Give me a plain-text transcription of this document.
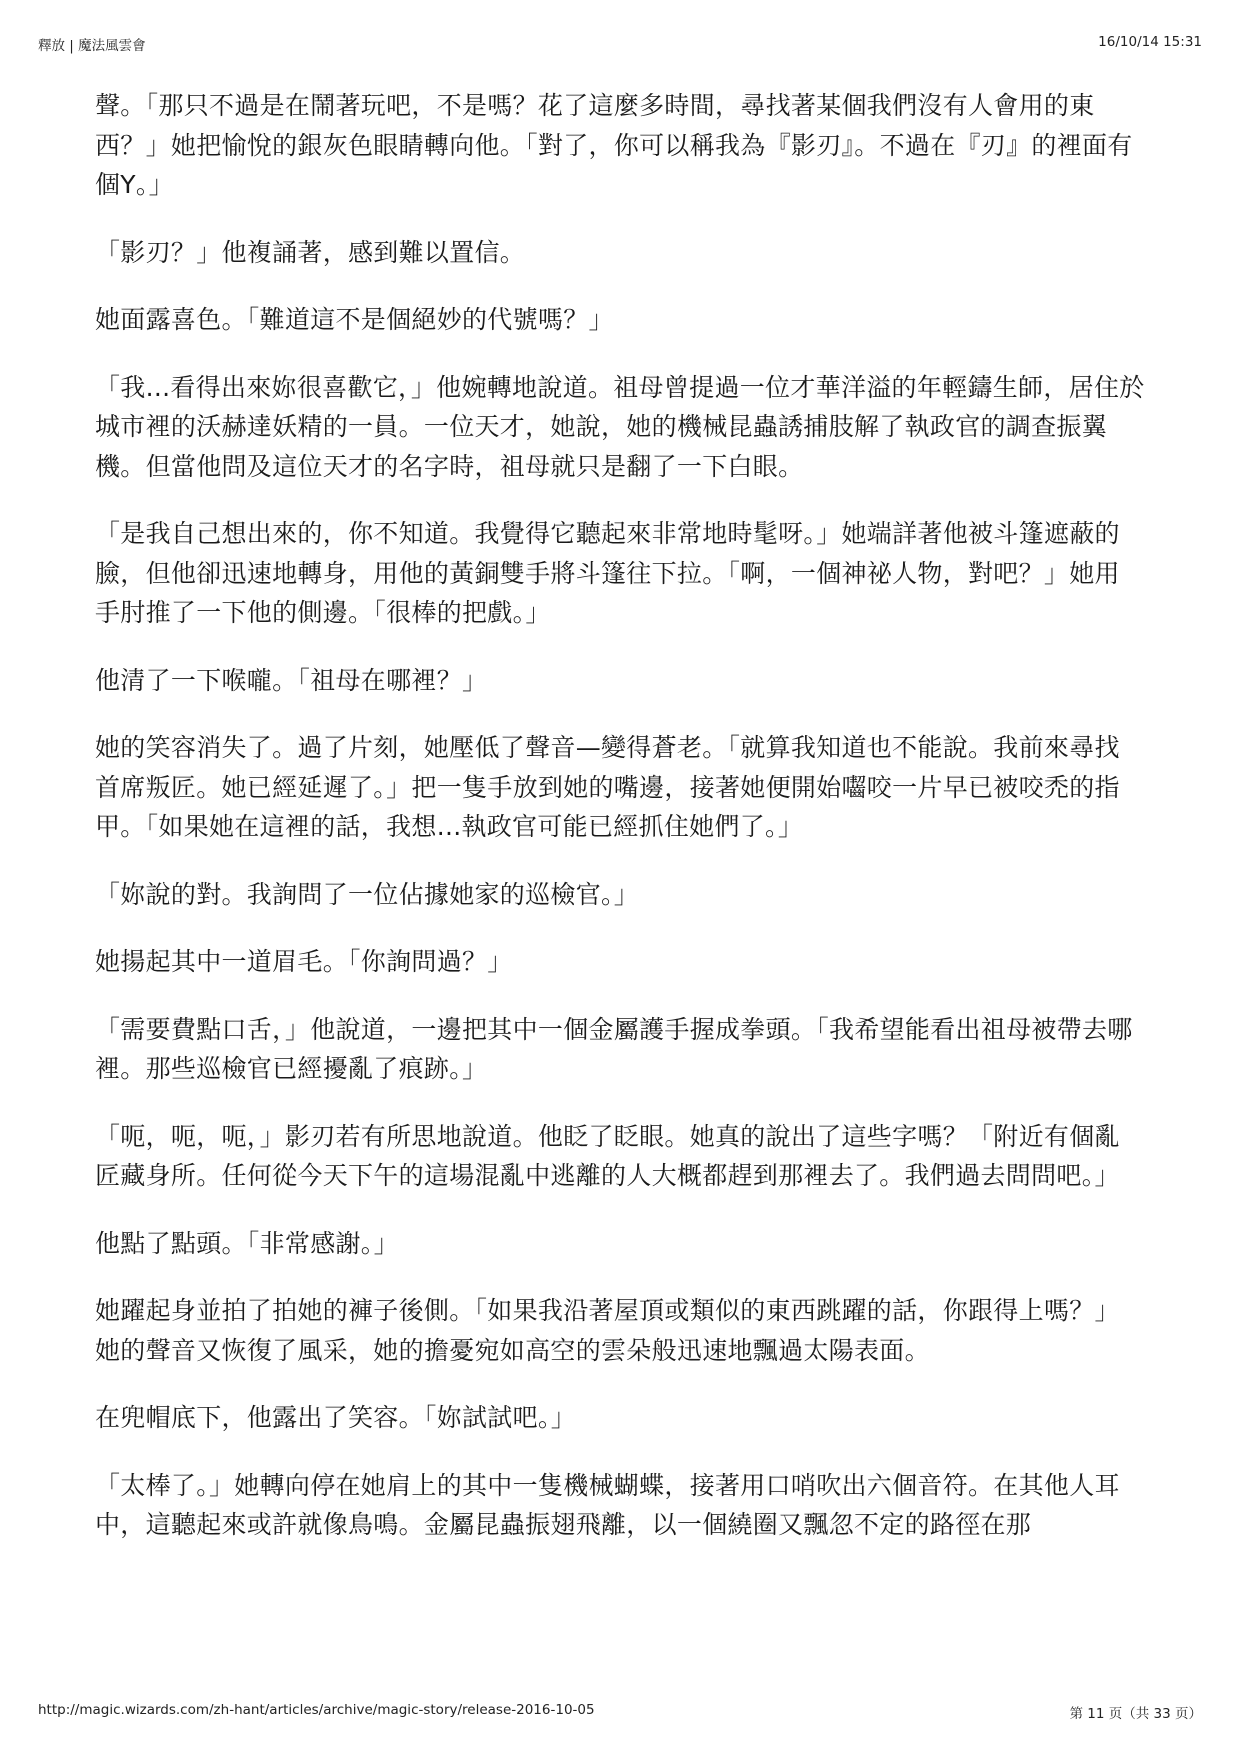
釋放 | 魔法風雲會	16/10/14 15:31

聲。「那只不過是在鬧著玩吧，不是嗎？花了這麼多時間，尋找著某個我們沒有人會用的東西？」她把愉悅的銀灰色眼睛轉向他。「對了，你可以稱我為『影刃』。不過在『刃』的裡面有個Y。」

「影刃？」他複誦著，感到難以置信。

她面露喜色。「難道這不是個絕妙的代號嗎？」

「我...看得出來妳很喜歡它，」他婉轉地說道。祖母曾提過一位才華洋溢的年輕鑄生師，居住於城市裡的沃赫達妖精的一員。一位天才，她說，她的機械昆蟲誘捕肢解了執政官的調查振翼機。但當他問及這位天才的名字時，祖母就只是翻了一下白眼。

「是我自己想出來的，你不知道。我覺得它聽起來非常地時髦呀。」她端詳著他被斗篷遮蔽的臉，但他卻迅速地轉身，用他的黃銅雙手將斗篷往下拉。「啊，一個神祕人物，對吧？」她用手肘推了一下他的側邊。「很棒的把戲。」

他清了一下喉嚨。「祖母在哪裡？」

她的笑容消失了。過了片刻，她壓低了聲音—變得蒼老。「就算我知道也不能說。我前來尋找首席叛匠。她已經延遲了。」把一隻手放到她的嘴邊，接著她便開始囓咬一片早已被咬禿的指甲。「如果她在這裡的話，我想...執政官可能已經抓住她們了。」

「妳說的對。我詢問了一位佔據她家的巡檢官。」

她揚起其中一道眉毛。「你詢問過？」

「需要費點口舌，」他說道，一邊把其中一個金屬護手握成拳頭。「我希望能看出祖母被帶去哪裡。那些巡檢官已經擾亂了痕跡。」

「呃，呃，呃，」影刃若有所思地說道。他眨了眨眼。她真的說出了這些字嗎？「附近有個亂匠藏身所。任何從今天下午的這場混亂中逃離的人大概都趕到那裡去了。我們過去問問吧。」

他點了點頭。「非常感謝。」

她躍起身並拍了拍她的褲子後側。「如果我沿著屋頂或類似的東西跳躍的話，你跟得上嗎？」她的聲音又恢復了風采，她的擔憂宛如高空的雲朵般迅速地飄過太陽表面。

在兜帽底下，他露出了笑容。「妳試試吧。」

「太棒了。」她轉向停在她肩上的其中一隻機械蝴蝶，接著用口哨吹出六個音符。在其他人耳中，這聽起來或許就像鳥鳴。金屬昆蟲振翅飛離，以一個繞圈又飄忽不定的路徑在那

http://magic.wizards.com/zh-hant/articles/archive/magic-story/release-2016-10-05	第 11 页（共 33 页）
